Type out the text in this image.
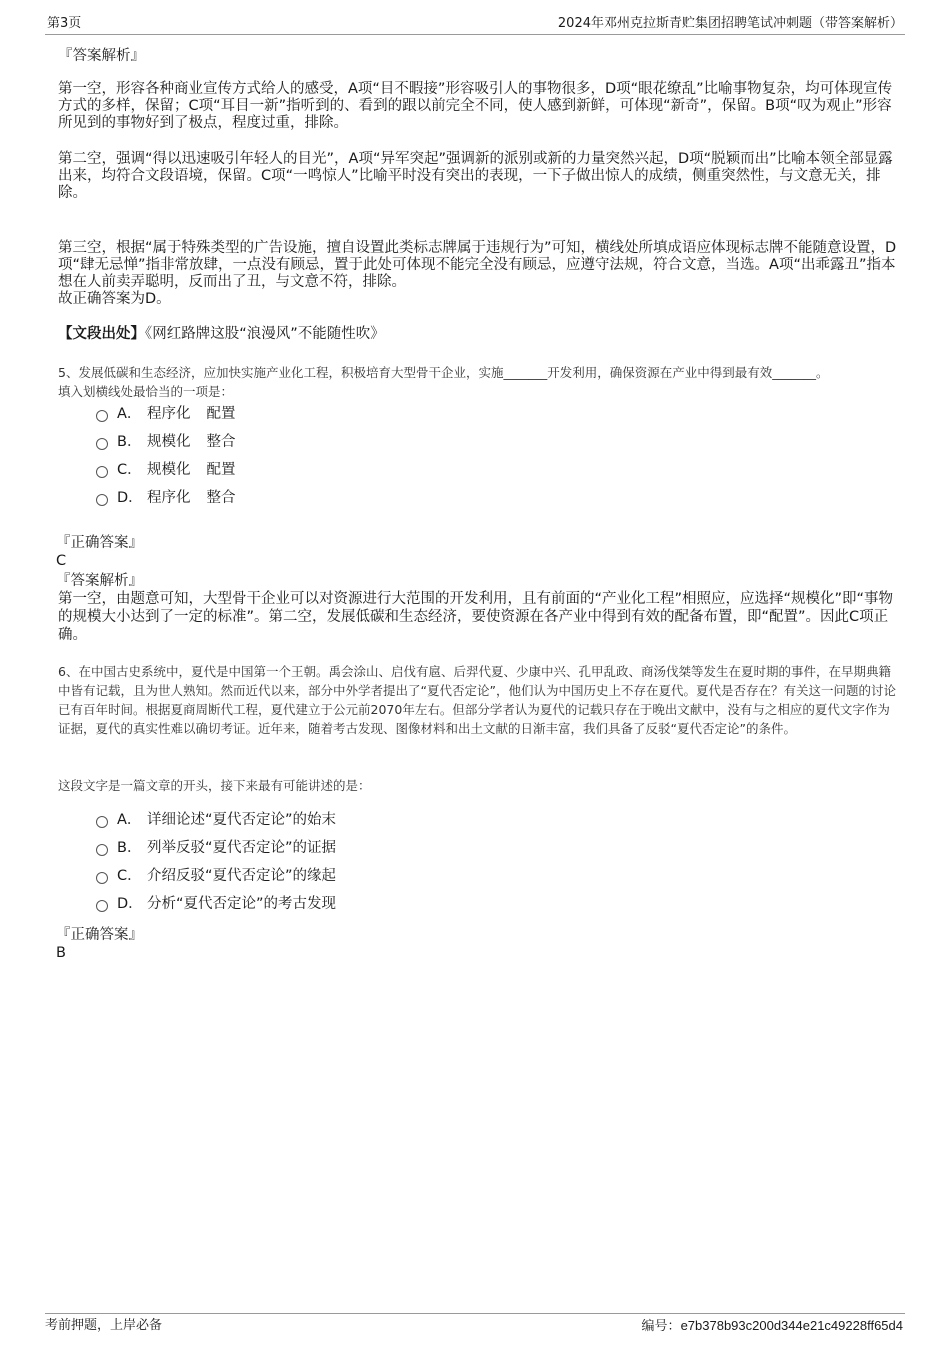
第3页	2024年邓州克拉斯青贮集团招聘笔试冲刺题（带答案解析）
『答案解析』

第一空，形容各种商业宣传方式给人的感受，A项“目不暇接”形容吸引人的事物很多，D项“眼花缭乱”比喻事物复杂，均可体现宣传方式的多样，保留；C项“耳目一新”指听到的、看到的跟以前完全不同，使人感到新鲜，可体现“新奇”，保留。B项“叹为观止”形容所见到的事物好到了极点，程度过重，排除。

第二空，强调“得以迅速吸引年轻人的目光”，A项“异军突起”强调新的派别或新的力量突然兴起，D项“脱颖而出”比喻本领全部显露出来，均符合文段语境，保留。C项“一鸣惊人”比喻平时没有突出的表现，一下子做出惊人的成绩，侧重突然性，与文意无关，排除。

第三空，根据“属于特殊类型的广告设施，擅自设置此类标志牌属于违规行为”可知，横线处所填成语应体现标志牌不能随意设置，D项“肆无忌惮”指非常放肆，一点没有顾忌，置于此处可体现不能完全没有顾忌，应遵守法规，符合文意，当选。A项“出乖露丑”指本想在人前卖弄聪明，反而出了丑，与文意不符，排除。

故正确答案为D。
【文段出处】《网红路牌这股“浪漫风”不能随性吹》
5、发展低碳和生态经济，应加快实施产业化工程，积极培育大型骨干企业，实施_______开发利用，确保资源在产业中得到最有效_______。
填入划横线处最恰当的一项是：
A． 程序化 配置
B． 规模化 整合
C． 规模化 配置
D． 程序化 整合
『正确答案』
C
『答案解析』

第一空，由题意可知，大型骨干企业可以对资源进行大范围的开发利用，且有前面的“产业化工程”相照应，应选择“规模化”即“事物的规模大小达到了一定的标准”。第二空，发展低碳和生态经济，要使资源在各产业中得到有效的配备布置，即“配置”。因此C项正确。

6、在中国古史系统中，夏代是中国第一个王朝。禹会涂山、启伐有扈、后羿代夏、少康中兴、孔甲乱政、商汤伐桀等发生在夏时期的事件，在早期典籍中皆有记载，且为世人熟知。然而近代以来，部分中外学者提出了“夏代否定论”，他们认为中国历史上不存在夏代。夏代是否存在？有关这一问题的讨论已有百年时间。根据夏商周断代工程，夏代建立于公元前2070年左右。但部分学者认为夏代的记载只存在于晚出文献中，没有与之相应的夏代文字作为证据，夏代的真实性难以确切考证。近年来，随着考古发现、图像材料和出土文献的日渐丰富，我们具备了反驳“夏代否定论”的条件。

这段文字是一篇文章的开头，接下来最有可能讲述的是：
A． 详细论述“夏代否定论”的始末
B． 列举反驳“夏代否定论”的证据
C． 介绍反驳“夏代否定论”的缘起
D． 分析“夏代否定论”的考古发现
『正确答案』
B
考前押题，上岸必备	编号：e7b378b93c200d344e21c49228ff65d4
